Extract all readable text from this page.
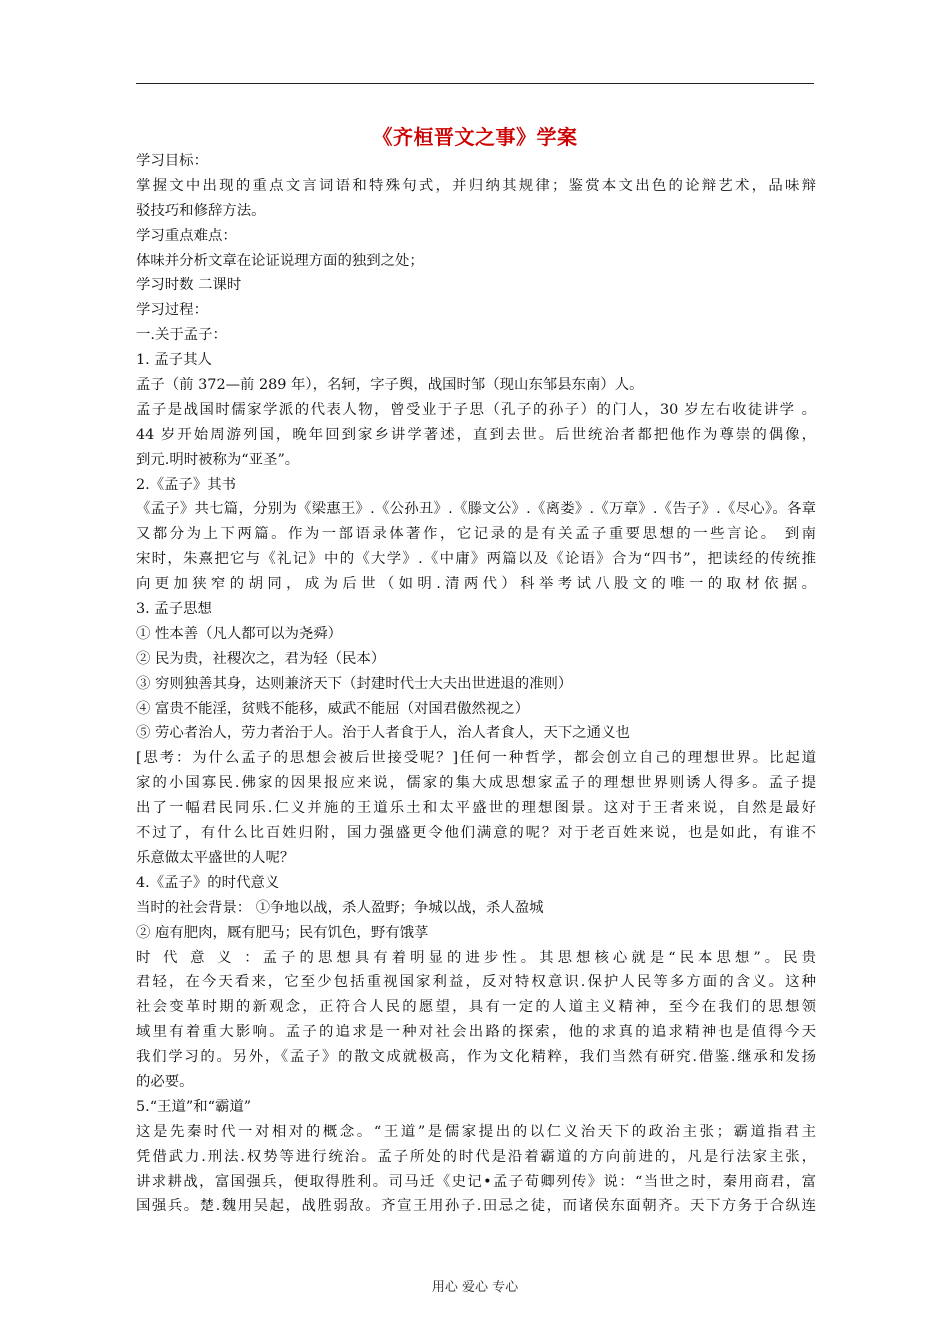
《齐桓晋文之事》学案
学习目标：
掌握文中出现的重点文言词语和特殊句式，并归纳其规律；鉴赏本文出色的论辩艺术，品味辩
驳技巧和修辞方法。
学习重点难点：
体味并分析文章在论证说理方面的独到之处；
学习时数 二课时
学习过程：
一.关于孟子：
1. 孟子其人
孟子（前 372—前 289 年），名轲，字子舆，战国时邹（现山东邹县东南）人。
孟子是战国时儒家学派的代表人物，曾受业于子思（孔子的孙子）的门人，30 岁左右收徒讲学 。
44 岁开始周游列国，晚年回到家乡讲学著述，直到去世。后世统治者都把他作为尊崇的偶像，
到元.明时被称为“亚圣”。
2.《孟子》其书
《孟子》共七篇，分别为《梁惠王》.《公孙丑》.《滕文公》.《离娄》.《万章》.《告子》.《尽心》。各章
又都分为上下两篇。作为一部语录体著作，它记录的是有关孟子重要思想的一些言论。 到南
宋时，朱熹把它与《礼记》中的《大学》.《中庸》两篇以及《论语》合为“四书”，把读经的传统推
向更加狭窄的胡同，成为后世（如明.清两代）科举考试八股文的唯一的取材依据。
3. 孟子思想
① 性本善（凡人都可以为尧舜）
② 民为贵，社稷次之，君为轻（民本）
③ 穷则独善其身，达则兼济天下（封建时代士大夫出世进退的准则）
④ 富贵不能淫，贫贱不能移，威武不能屈（对国君傲然视之）
⑤ 劳心者治人，劳力者治于人。治于人者食于人，治人者食人，天下之通义也
[思考：为什么孟子的思想会被后世接受呢？]任何一种哲学，都会创立自己的理想世界。比起道
家的小国寡民.佛家的因果报应来说，儒家的集大成思想家孟子的理想世界则诱人得多。孟子提
出了一幅君民同乐.仁义并施的王道乐土和太平盛世的理想图景。这对于王者来说，自然是最好
不过了，有什么比百姓归附，国力强盛更令他们满意的呢？对于老百姓来说，也是如此，有谁不
乐意做太平盛世的人呢？
4.《孟子》的时代意义
当时的社会背景： ①争地以战，杀人盈野；争城以战，杀人盈城
② 庖有肥肉，厩有肥马；民有饥色，野有饿莩
时 代 意 义 ：孟子的思想具有着明显的进步性。其思想核心就是“民本思想”。民贵
君轻，在今天看来，它至少包括重视国家利益，反对特权意识.保护人民等多方面的含义。这种
社会变革时期的新观念，正符合人民的愿望，具有一定的人道主义精神，至今在我们的思想领
域里有着重大影响。孟子的追求是一种对社会出路的探索，他的求真的追求精神也是值得今天
我们学习的。另外，《孟子》的散文成就极高，作为文化精粹，我们当然有研究.借鉴.继承和发扬
的必要。
5.“王道”和“霸道”
这是先秦时代一对相对的概念。“王道”是儒家提出的以仁义治天下的政治主张；霸道指君主
凭借武力.刑法.权势等进行统治。孟子所处的时代是沿着霸道的方向前进的，凡是行法家主张，
讲求耕战，富国强兵，便取得胜利。司马迁《史记•孟子荀卿列传》说：“当世之时，秦用商君，富
国强兵。楚.魏用吴起，战胜弱敌。齐宣王用孙子.田忌之徒，而诸侯东面朝齐。天下方务于合纵连
用心 爱心 专心
